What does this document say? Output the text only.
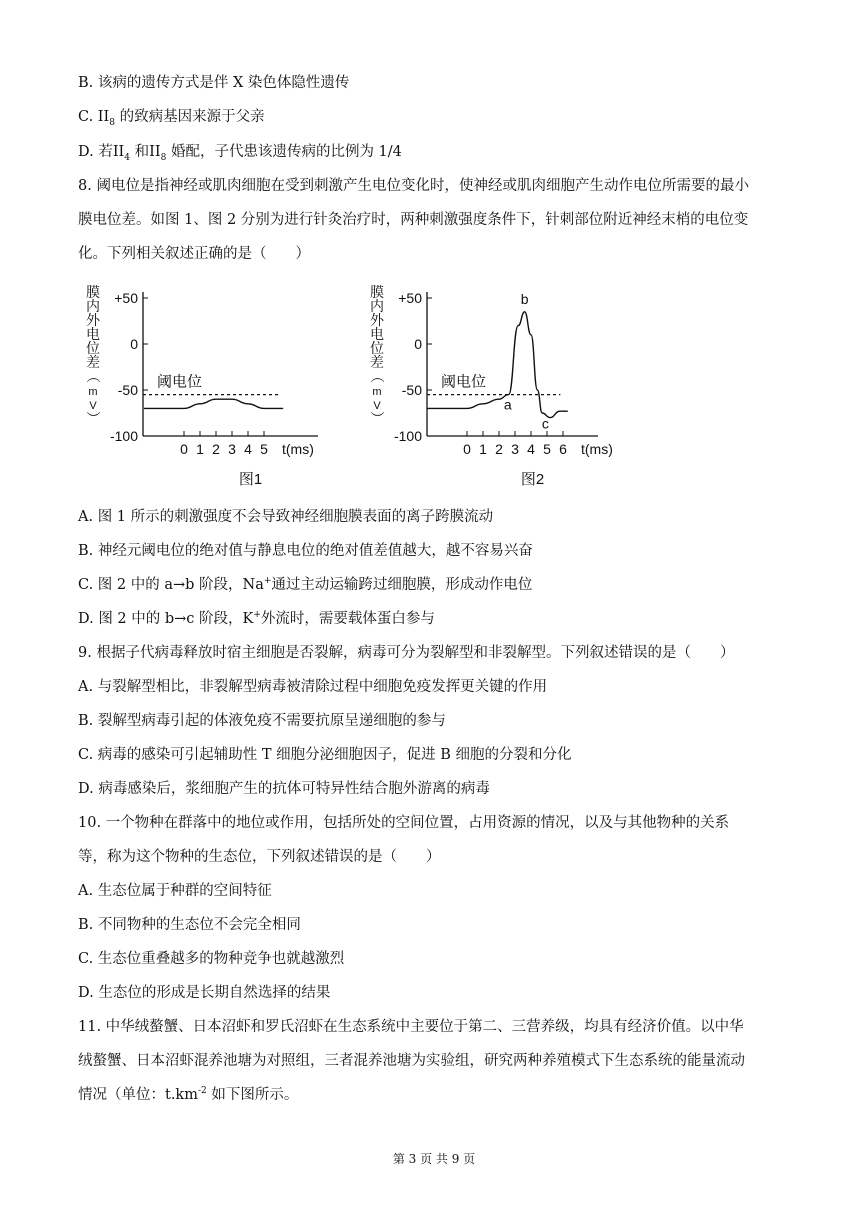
B. 该病的遗传方式是伴 X 染色体隐性遗传
C. $II_8$ 的致病基因来源于父亲
D. 若$II_4$ 和$II_8$ 婚配，子代患该遗传病的比例为 1/4
8. 阈电位是指神经或肌肉细胞在受到刺激产生电位变化时，使神经或肌肉细胞产生动作电位所需要的最小
膜电位差。如图 1、图 2 分别为进行针灸治疗时，两种刺激强度条件下，针刺部位附近神经末梢的电位变
化。下列相关叙述正确的是（　　）
+50
0
-50
-100
膜
内
外
电
位
差
（
m
V
）
0 1 2 3 4 5 t(ms)
阈电位
图1
+50
0
-50
-100
膜
内
外
电
位
差
（
m
V
）
0 1 2 3 4 5 6 t(ms)
阈电位
图2
b
a
c
A. 图 1 所示的刺激强度不会导致神经细胞膜表面的离子跨膜流动
B. 神经元阈电位的绝对值与静息电位的绝对值差值越大，越不容易兴奋
C. 图 2 中的 a→b 阶段，Na+通过主动运输跨过细胞膜，形成动作电位
D. 图 2 中的 b→c 阶段，K+外流时，需要载体蛋白参与
9. 根据子代病毒释放时宿主细胞是否裂解，病毒可分为裂解型和非裂解型。下列叙述错误的是（　　）
A. 与裂解型相比，非裂解型病毒被清除过程中细胞免疫发挥更关键的作用
B. 裂解型病毒引起的体液免疫不需要抗原呈递细胞的参与
C. 病毒的感染可引起辅助性 T 细胞分泌细胞因子，促进 B 细胞的分裂和分化
D. 病毒感染后，浆细胞产生的抗体可特异性结合胞外游离的病毒
10. 一个物种在群落中的地位或作用，包括所处的空间位置，占用资源的情况，以及与其他物种的关系
等，称为这个物种的生态位，下列叙述错误的是（　　）
A. 生态位属于种群的空间特征
B. 不同物种的生态位不会完全相同
C. 生态位重叠越多的物种竞争也就越激烈
D. 生态位的形成是长期自然选择的结果
11. 中华绒螯蟹、日本沼虾和罗氏沼虾在生态系统中主要位于第二、三营养级，均具有经济价值。以中华
绒螯蟹、日本沼虾混养池塘为对照组，三者混养池塘为实验组，研究两种养殖模式下生态系统的能量流动
情况（单位：$t.km^{-2}$ 如下图所示。
第 3 页 共 9 页
